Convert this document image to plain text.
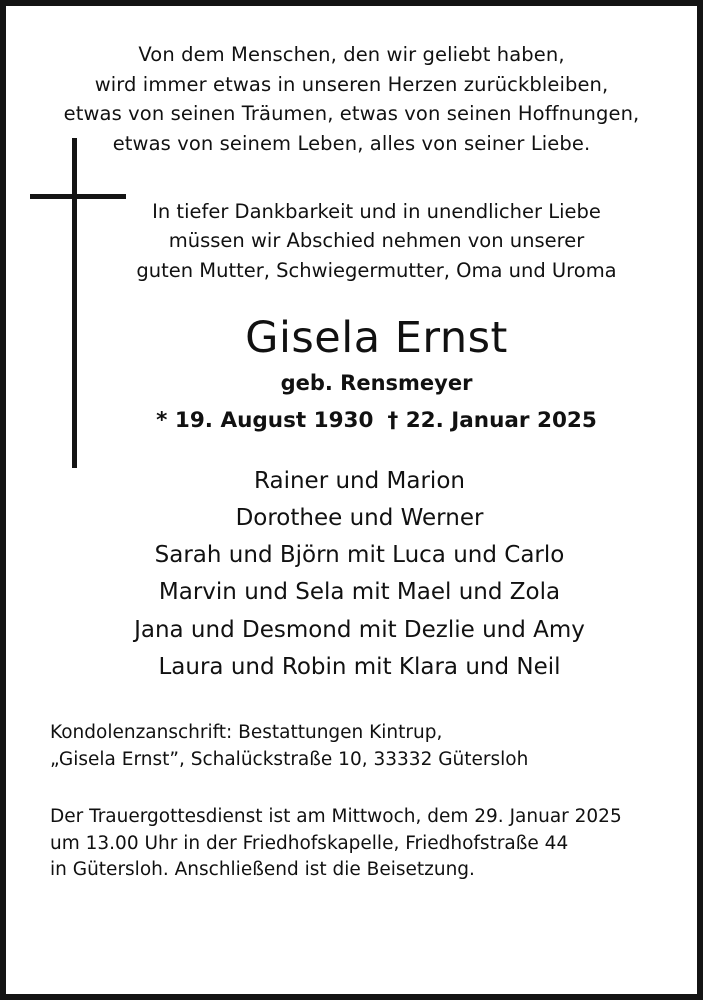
Von dem Menschen, den wir geliebt haben,
wird immer etwas in unseren Herzen zurückbleiben,
etwas von seinen Träumen, etwas von seinen Hoffnungen,
etwas von seinem Leben, alles von seiner Liebe.
In tiefer Dankbarkeit und in unendlicher Liebe
müssen wir Abschied nehmen von unserer
guten Mutter, Schwiegermutter, Oma und Uroma
Gisela Ernst
geb. Rensmeyer
* 19. August 1930 † 22. Januar 2025
Rainer und Marion
Dorothee und Werner
Sarah und Björn mit Luca und Carlo
Marvin und Sela mit Mael und Zola
Jana und Desmond mit Dezlie und Amy
Laura und Robin mit Klara und Neil
Kondolenzanschrift: Bestattungen Kintrup,
„Gisela Ernst”, Schalückstraße 10, 33332 Gütersloh
Der Trauergottesdienst ist am Mittwoch, dem 29. Januar 2025
um 13.00 Uhr in der Friedhofskapelle, Friedhofstraße 44
in Gütersloh. Anschließend ist die Beisetzung.
